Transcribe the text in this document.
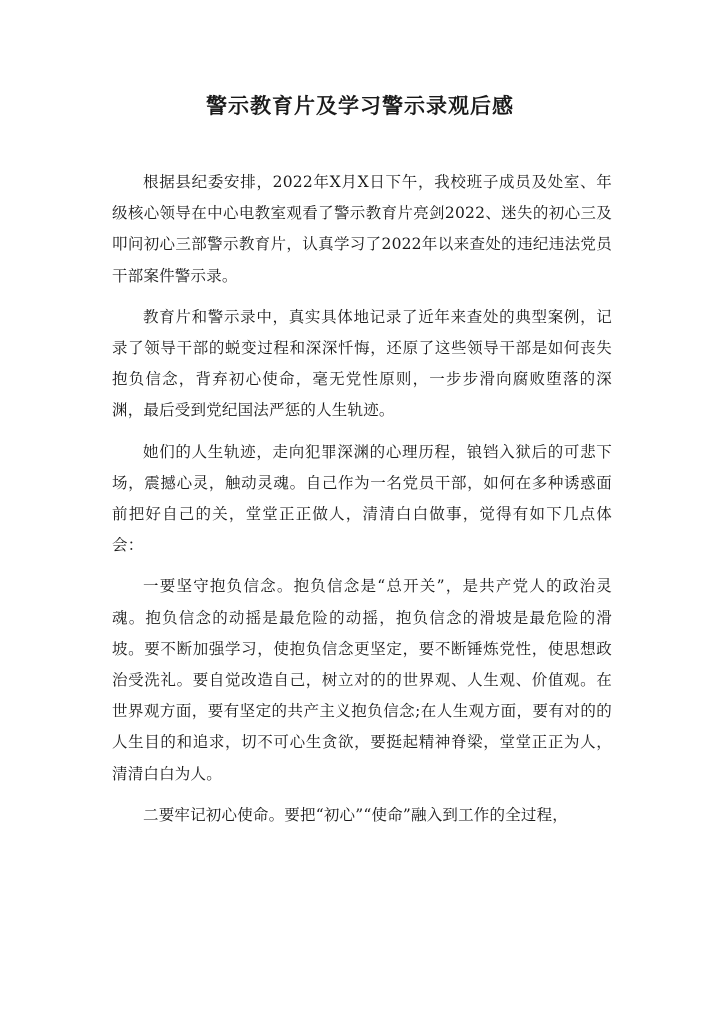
警示教育片及学习警示录观后感

根据县纪委安排，2022年X月X日下午，我校班子成员及处室、年级核心领导在中心电教室观看了警示教育片亮剑2022、迷失的初心三及叩问初心三部警示教育片，认真学习了2022年以来查处的违纪违法党员干部案件警示录。

教育片和警示录中，真实具体地记录了近年来查处的典型案例，记录了领导干部的蜕变过程和深深忏悔，还原了这些领导干部是如何丧失抱负信念，背弃初心使命，毫无党性原则，一步步滑向腐败堕落的深渊，最后受到党纪国法严惩的人生轨迹。

她们的人生轨迹，走向犯罪深渊的心理历程，锒铛入狱后的可悲下场，震撼心灵，触动灵魂。自己作为一名党员干部，如何在多种诱惑面前把好自己的关，堂堂正正做人，清清白白做事，觉得有如下几点体会：

一要坚守抱负信念。抱负信念是“总开关”，是共产党人的政治灵魂。抱负信念的动摇是最危险的动摇，抱负信念的滑坡是最危险的滑坡。要不断加强学习，使抱负信念更坚定，要不断锤炼党性，使思想政治受洗礼。要自觉改造自己，树立对的的世界观、人生观、价值观。在世界观方面，要有坚定的共产主义抱负信念;在人生观方面，要有对的的人生目的和追求，切不可心生贪欲，要挺起精神脊梁，堂堂正正为人，清清白白为人。

二要牢记初心使命。要把“初心”“使命”融入到工作的全过程，
